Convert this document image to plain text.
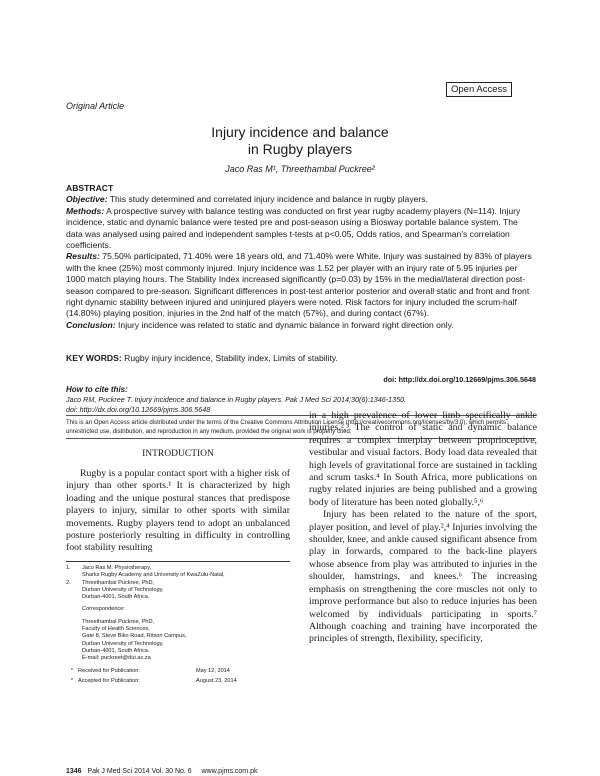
Open Access
Original Article
Injury incidence and balance
in Rugby players
Jaco Ras M¹, Threethambal Puckree²
ABSTRACT

Objective: This study determined and correlated injury incidence and balance in rugby players.

Methods: A prospective survey with balance testing was conducted on first year rugby academy players (N=114). Injury incidence, static and dynamic balance were tested pre and post-season using a Bioswaу portable balance system. The data was analysed using paired and independent samples t-tests at p<0.05, Odds ratios, and Spearman's correlation coefficients.

Results: 75.50% participated, 71.40% were 18 years old, and 71.40% were White. Injury was sustained by 83% of players with the knee (25%) most commonly injured. Injury incidence was 1.52 per player with an injury rate of 5.95 injuries per 1000 match playing hours. The Stability Index increased significantly (p=0.03) by 15% in the medial/lateral direction post-season compared to pre-season. Significant differences in post-test anterior posterior and overall static and front and front right dynamic stability between injured and uninjured players were noted. Risk factors for injury included the scrum-half (14.80%) playing position, injuries in the 2nd half of the match (57%), and during contact (67%).

Conclusion: Injury incidence was related to static and dynamic balance in forward right direction only.

KEY WORDS: Rugby injury incidence, Stability index, Limits of stability.
doi: http://dx.doi.org/10.12669/pjms.306.5648
How to cite this:
Jaco RM, Puckree T. Injury incidence and balance in Rugby players. Pak J Med Sci 2014;30(6):1346-1350.
doi: http://dx.doi.org/10.12669/pjms.306.5648
This is an Open Access article distributed under the terms of the Creative Commons Attribution License (http://creativecommons.org/licenses/by/3.0), which permits unrestricted use, distribution, and reproduction in any medium, provided the original work is properly cited.
INTRODUCTION

Rugby is a popular contact sport with a higher risk of injury than other sports.¹ It is characterized by high loading and the unique postural stances that predispose players to injury, similar to other sports with similar movements. Rugby players tend to adopt an unbalanced posture posteriorly resulting in difficulty in controlling foot stability resulting

in a high prevalence of lower limb specifically ankle injuries.²,³ The control of static and dynamic balance requires a complex interplay between proprioceptive, vestibular and visual factors. Body load data revealed that high levels of gravitational force are sustained in tackling and scrum tasks.⁴ In South Africa, more publications on rugby related injuries are being published and a growing body of literature has been noted globally.⁵,⁶

Injury has been related to the nature of the sport, player position, and level of play.²,⁴ Injuries involving the shoulder, knee, and ankle caused significant absence from play in forwards, compared to the back-line players whose absence from play was attributed to injuries in the shoulder, hamstrings, and knees.⁶ The increasing emphasis on strengthening the core muscles not only to improve performance but also to reduce injuries has been welcomed by individuals participating in sports.⁷ Although coaching and training have incorporated the principles of strength, flexibility, specificity,

1.	Jaco Ras M. Physiotherapy,
Sharks Rugby Academy and University of KwaZulu-Natal,
2.	Threethambal Puckree, PhD,
Durban University of Technology,
Durban-4001, South Africa.
Correspondence:
Threethambal Puckree, PhD,
Faculty of Health Sciences,
Gate 8, Steve Biko Road, Ritson Campus,
Durban University of Technology,
Durban-4001, South Africa.
E-mail: puckreet@dut.ac.za
* Received for Publication:	May 12, 2014
* Accepted for Publication:	August 23, 2014
1346 Pak J Med Sci 2014 Vol. 30 No. 6 www.pjms.com.pk
